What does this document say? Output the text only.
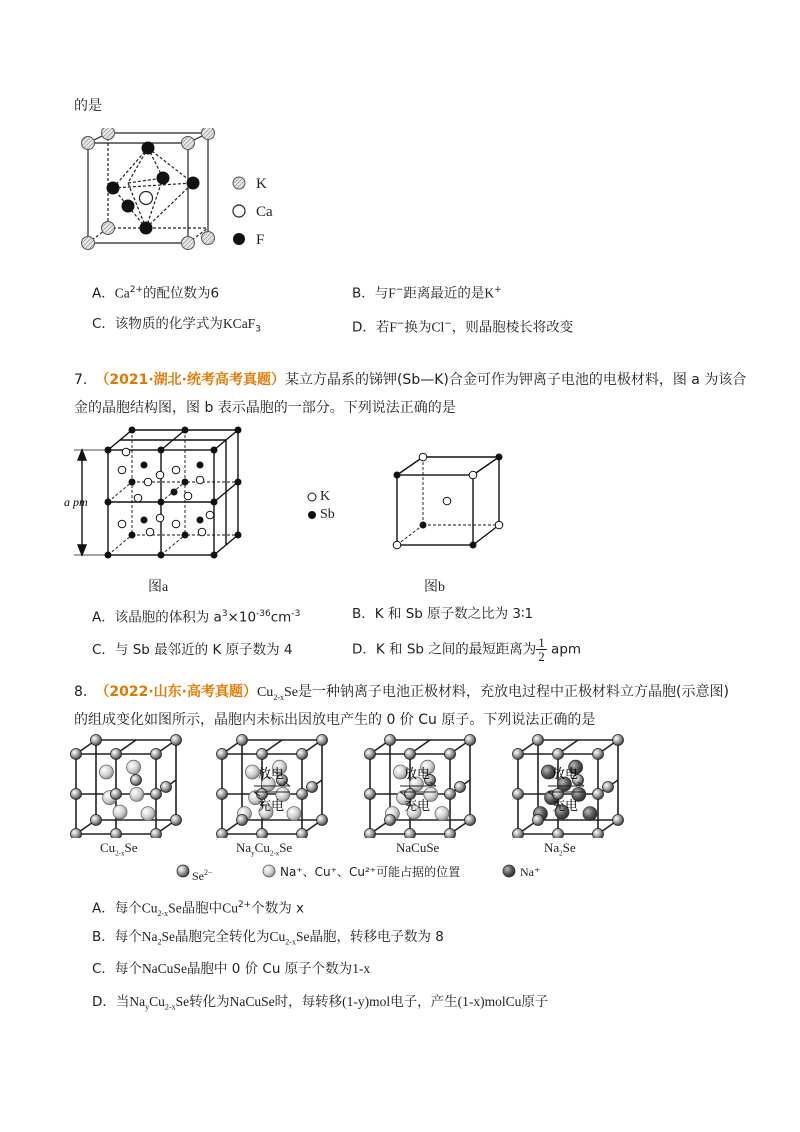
的是
K
Ca
F
A．$Ca^{2+}$的配位数为6	B．与F−距离最近的是K+
C．该物质的化学式为KCaF$_3$	D．若F−换为Cl−，则晶胞棱长将改变
7. （2021·湖北·统考高考真题）某立方晶系的锑钾(Sb—K)合金可作为钾离子电池的电极材料，图 a 为该合
金的晶胞结构图，图 b 表示晶胞的一部分。下列说法正确的是
a pm	K
Sb
图a	图b
A．该晶胞的体积为 $a^3\times 10^{-36}cm^{-3}$	B．K 和 Sb 原子数之比为 3∶1
C．与 Sb 最邻近的 K 原子数为 4	D．K 和 Sb 之间的最短距离为 $\frac{1}{2}$ apm
8. （2022·山东·高考真题）$Cu_{2-x}Se$是一种钠离子电池正极材料，充放电过程中正极材料立方晶胞(示意图)
的组成变化如图所示，晶胞内未标出因放电产生的 0 价 Cu 原子。下列说法正确的是
放电
充电
放电
充电
放电
充电
$Cu_{2-x}Se$	$Na_yCu_{2-x}Se$	NaCuSe	$Na_2Se$
$Se^{2-}$	Na⁺、Cu⁺、Cu²⁺可能占据的位置	Na⁺
A．每个$Cu_{2-x}Se$晶胞中$Cu^{2+}$个数为 x
B．每个$Na_2Se$晶胞完全转化为$Cu_{2-x}Se$晶胞，转移电子数为 8
C．每个NaCuSe晶胞中 0 价 Cu 原子个数为1-x
D．当$Na_yCu_{2-x}Se$转化为NaCuSe时，每转移(1-y)mol电子，产生(1-x)molCu原子
